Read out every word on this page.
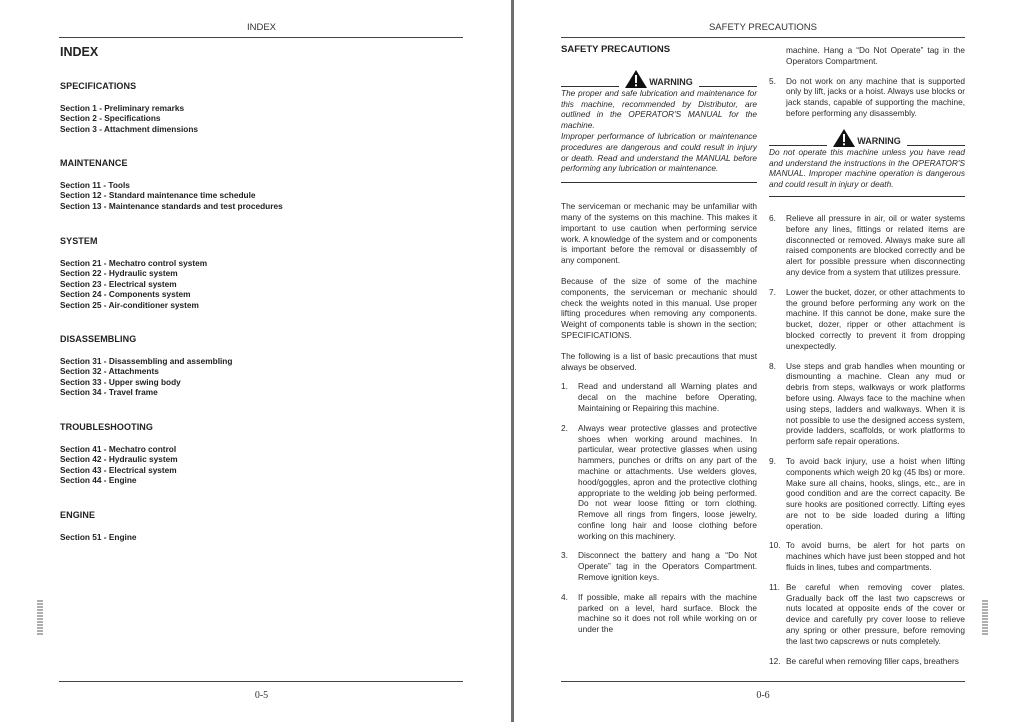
INDEX
INDEX
SPECIFICATIONS
Section 1 - Preliminary remarks
Section 2 - Specifications
Section 3 - Attachment dimensions
MAINTENANCE
Section 11 - Tools
Section 12 - Standard maintenance time schedule
Section 13 - Maintenance standards and test procedures
SYSTEM
Section 21 - Mechatro control system
Section 22 - Hydraulic system
Section 23 - Electrical system
Section 24 - Components system
Section 25 - Air-conditioner system
DISASSEMBLING
Section 31 - Disassembling and assembling
Section 32 - Attachments
Section 33 - Upper swing body
Section 34 - Travel frame
TROUBLESHOOTING
Section 41 - Mechatro control
Section 42 - Hydraulic system
Section 43 - Electrical system
Section 44 - Engine
ENGINE
Section 51 - Engine
0-5
SAFETY PRECAUTIONS
SAFETY PRECAUTIONS
WARNING

The proper and safe lubrication and maintenance for this machine, recommended by Distributor, are outlined in the OPERATOR'S MANUAL for the machine.

Improper performance of lubrication or maintenance procedures are dangerous and could result in injury or death. Read and understand the MANUAL before performing any lubrication or maintenance.

The serviceman or mechanic may be unfamiliar with many of the systems on this machine. This makes it important to use caution when performing service work. A knowledge of the system and or components is important before the removal or disassembly of any component.

Because of the size of some of the machine components, the serviceman or mechanic should check the weights noted in this manual. Use proper lifting procedures when removing any components. Weight of components table is shown in the section; SPECIFICATIONS.

The following is a list of basic precautions that must always be observed.

1.	Read and understand all Warning plates and decal on the machine before Operating, Maintaining or Repairing this machine.
2.	Always wear protective glasses and protective shoes when working around machines. In particular, wear protective glasses when using hammers, punches or drifts on any part of the machine or attachments. Use welders gloves, hood/goggles, apron and the protective clothing appropriate to the welding job being performed. Do not wear loose fitting or torn clothing. Remove all rings from fingers, loose jewelry, confine long hair and loose clothing before working on this machinery.
3.	Disconnect the battery and hang a “Do Not Operate” tag in the Operators Compartment. Remove ignition keys.
4.	If possible, make all repairs with the machine parked on a level, hard surface. Block the machine so it does not roll while working on or under the
machine. Hang a “Do Not Operate” tag in the Operators Compartment.
5.	Do not work on any machine that is supported only by lift, jacks or a hoist. Always use blocks or jack stands, capable of supporting the machine, before performing any disassembly.
WARNING

Do not operate this machine unless you have read and understand the instructions in the OPERATOR'S MANUAL. Improper machine operation is dangerous and could result in injury or death.

6.	Relieve all pressure in air, oil or water systems before any lines, fittings or related items are disconnected or removed. Always make sure all raised components are blocked correctly and be alert for possible pressure when disconnecting any device from a system that utilizes pressure.
7.	Lower the bucket, dozer, or other attachments to the ground before performing any work on the machine. If this cannot be done, make sure the bucket, dozer, ripper or other attachment is blocked correctly to prevent it from dropping unexpectedly.
8.	Use steps and grab handles when mounting or dismounting a machine. Clean any mud or debris from steps, walkways or work platforms before using. Always face to the machine when using steps, ladders and walkways. When it is not possible to use the designed access system, provide ladders, scaffolds, or work platforms to perform safe repair operations.
9.	To avoid back injury, use a hoist when lifting components which weigh 20 kg (45 lbs) or more. Make sure all chains, hooks, slings, etc., are in good condition and are the correct capacity. Be sure hooks are positioned correctly. Lifting eyes are not to be side loaded during a lifting operation.
10. To avoid burns, be alert for hot parts on machines which have just been stopped and hot fluids in lines, tubes and compartments.
11. Be careful when removing cover plates. Gradually back off the last two capscrews or nuts located at opposite ends of the cover or device and carefully pry cover loose to relieve any spring or other pressure, before removing the last two capscrews or nuts completely.
12. Be careful when removing filler caps, breathers
0-6
